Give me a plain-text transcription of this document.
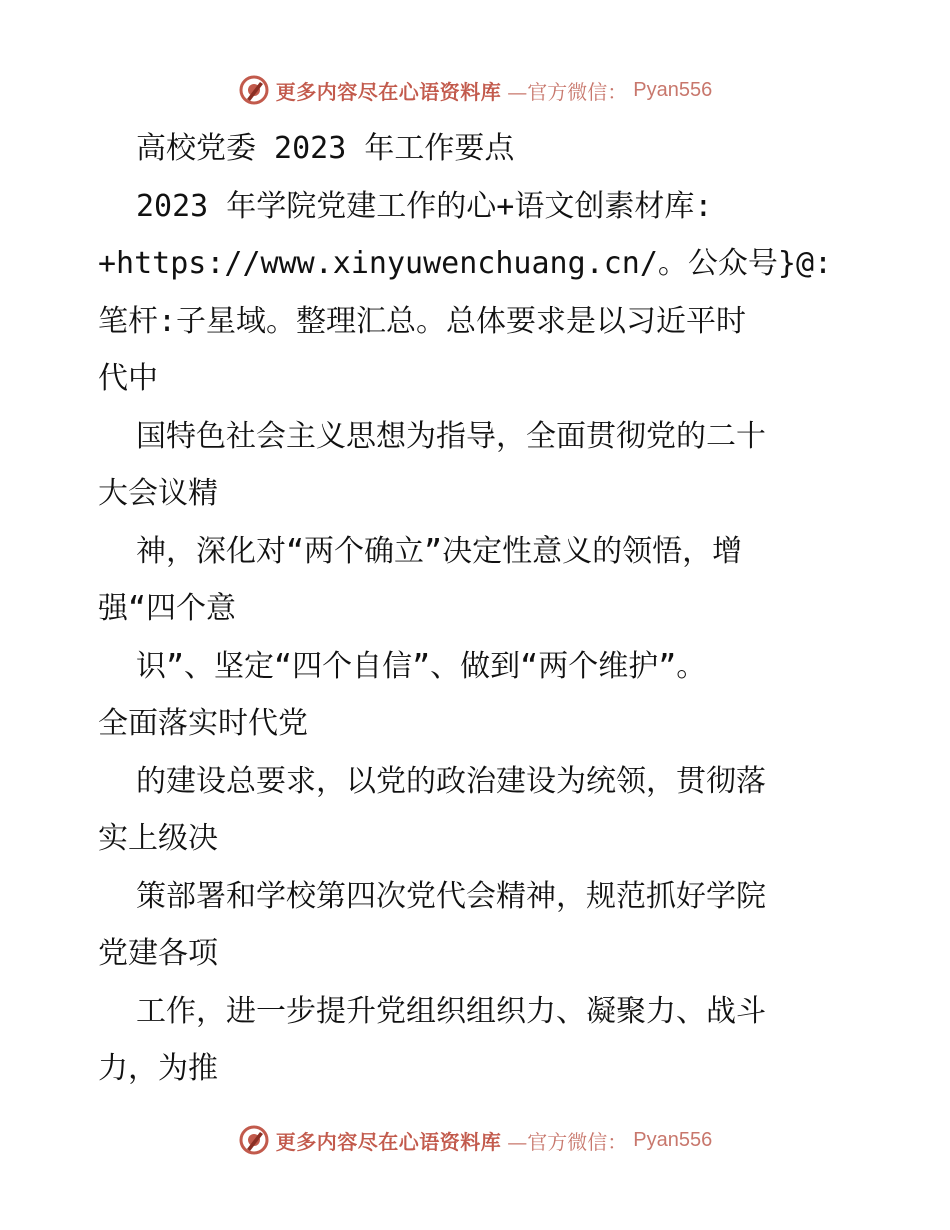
更多内容尽在心语资料库 —官方微信： Pyan556
高校党委 2023 年工作要点
2023 年学院党建工作的心+语文创素材库:
+https://www.xinyuwenchuang.cn/。公众号}@:
笔杆:子星域。整理汇总。总体要求是以习近平时
代中
国特色社会主义思想为指导，全面贯彻党的二十
大会议精
神，深化对“两个确立”决定性意义的领悟，增
强“四个意
识”、坚定“四个自信”、做到“两个维护”。
全面落实时代党
的建设总要求，以党的政治建设为统领，贯彻落
实上级决
策部署和学校第四次党代会精神，规范抓好学院
党建各项
工作，进一步提升党组织组织力、凝聚力、战斗
力，为推
更多内容尽在心语资料库 —官方微信： Pyan556
